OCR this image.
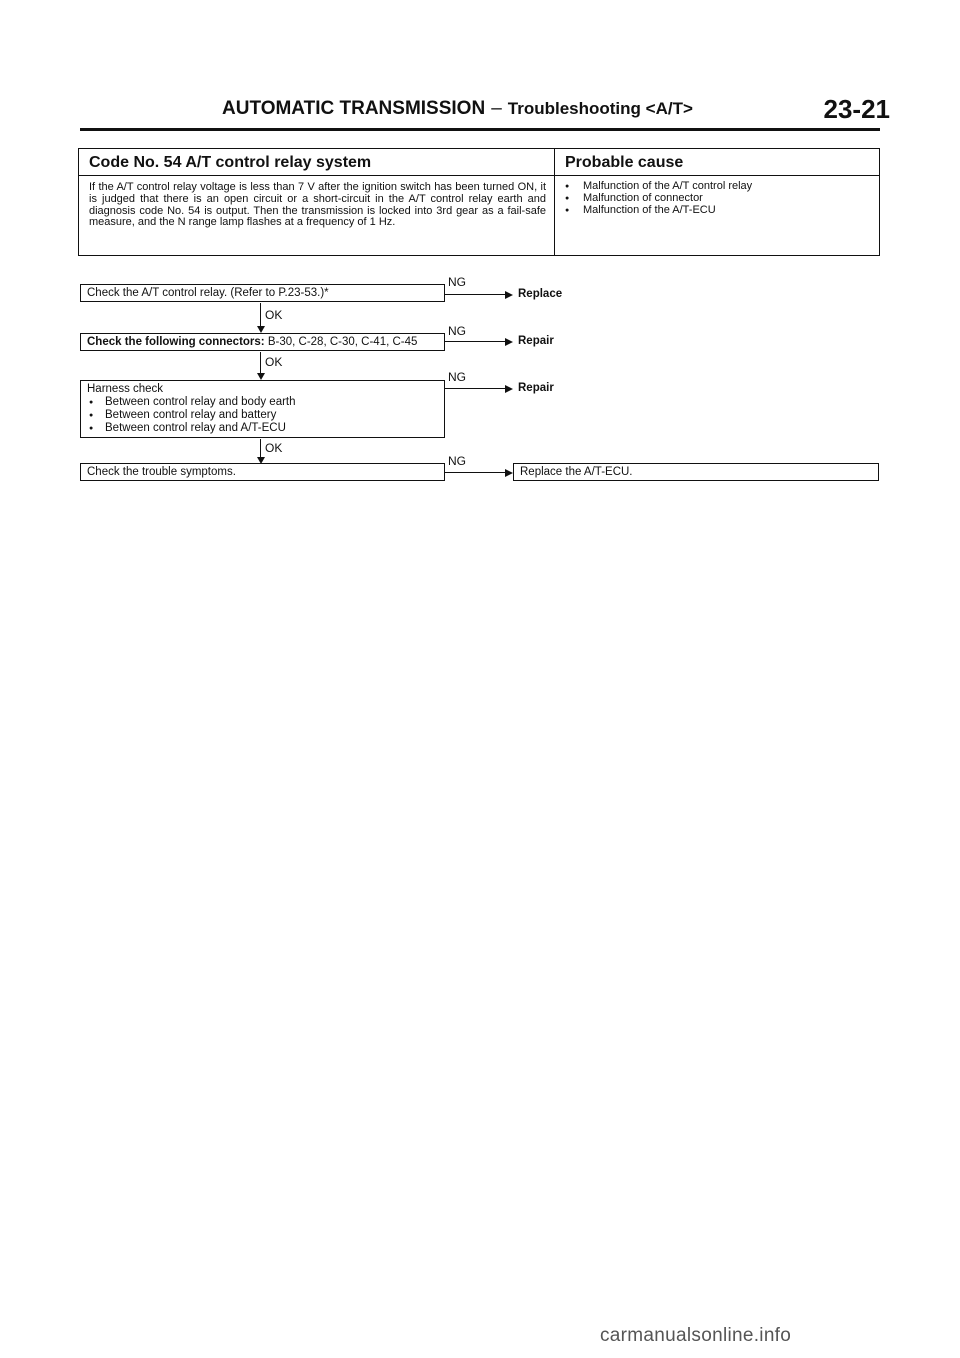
AUTOMATIC TRANSMISSION – Troubleshooting <A/T>	23-21
Code No. 54 A/T control relay system
If the A/T control relay voltage is less than 7 V after the ignition switch has been turned ON, it is judged that there is an open circuit or a short-circuit in the A/T control relay earth and diagnosis code No. 54 is output. Then the transmission is locked into 3rd gear as a fail-safe measure, and the N range lamp flashes at a frequency of 1 Hz.
Probable cause
● Malfunction of the A/T control relay
● Malfunction of connector
● Malfunction of the A/T-ECU
Check the A/T control relay. (Refer to P.23-53.)*
NG
Replace
OK
Check the following connectors: B-30, C-28, C-30, C-41, C-45
NG
Repair
OK
Harness check
● Between control relay and body earth
● Between control relay and battery
● Between control relay and A/T-ECU
NG
Repair
OK
Check the trouble symptoms.
NG
Replace the A/T-ECU.
carmanualsonline.info
